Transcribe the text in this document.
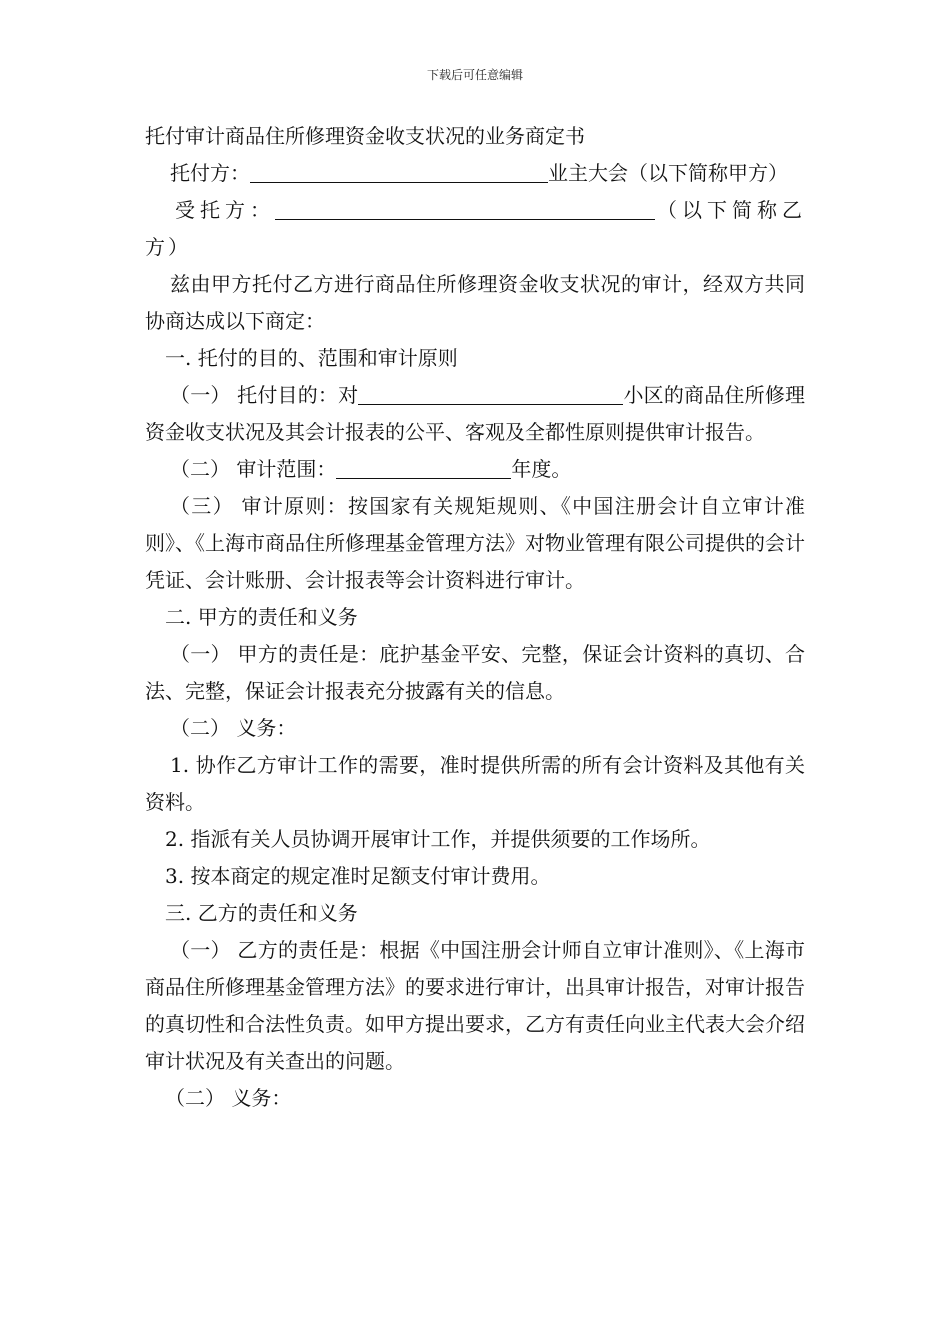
下载后可任意编辑

托付审计商品住所修理资金收支状况的业务商定书

托付方：	业主大会（以下简称甲方）

受托方：	（以下简称乙方）

兹由甲方托付乙方进行商品住所修理资金收支状况的审计，经双方共同协商达成以下商定：

一. 托付的目的、范围和审计原则

（一） 托付目的：对	小区的商品住所修理资金收支状况及其会计报表的公平、客观及全都性原则提供审计报告。

（二） 审计范围：	年度。

（三） 审计原则：按国家有关规矩规则、《中国注册会计自立审计准则》、《上海市商品住所修理基金管理方法》对物业管理有限公司提供的会计凭证、会计账册、会计报表等会计资料进行审计。

二. 甲方的责任和义务

（一） 甲方的责任是：庇护基金平安、完整，保证会计资料的真切、合法、完整，保证会计报表充分披露有关的信息。

（二） 义务：

1. 协作乙方审计工作的需要，准时提供所需的所有会计资料及其他有关资料。

2. 指派有关人员协调开展审计工作，并提供须要的工作场所。

3. 按本商定的规定准时足额支付审计费用。

三. 乙方的责任和义务

（一） 乙方的责任是：根据《中国注册会计师自立审计准则》、《上海市商品住所修理基金管理方法》的要求进行审计，出具审计报告，对审计报告的真切性和合法性负责。如甲方提出要求，乙方有责任向业主代表大会介绍审计状况及有关查出的问题。

（二） 义务：
